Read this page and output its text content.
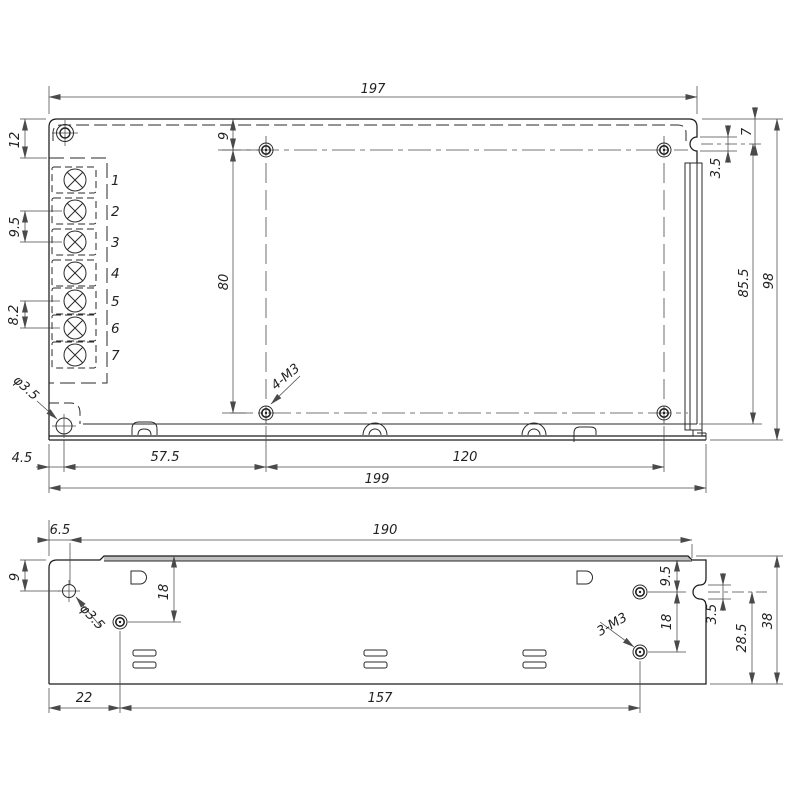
1
2
3
4
5
6
7
197
12
9.5
8.2
φ3.5
9
80
4-M3
4.5	57.5	120
199
7
3.5
85.5 98
6.5	190
9
18
φ3.5
22	157
9.5
18
3-M3	3.5
28.5
38
